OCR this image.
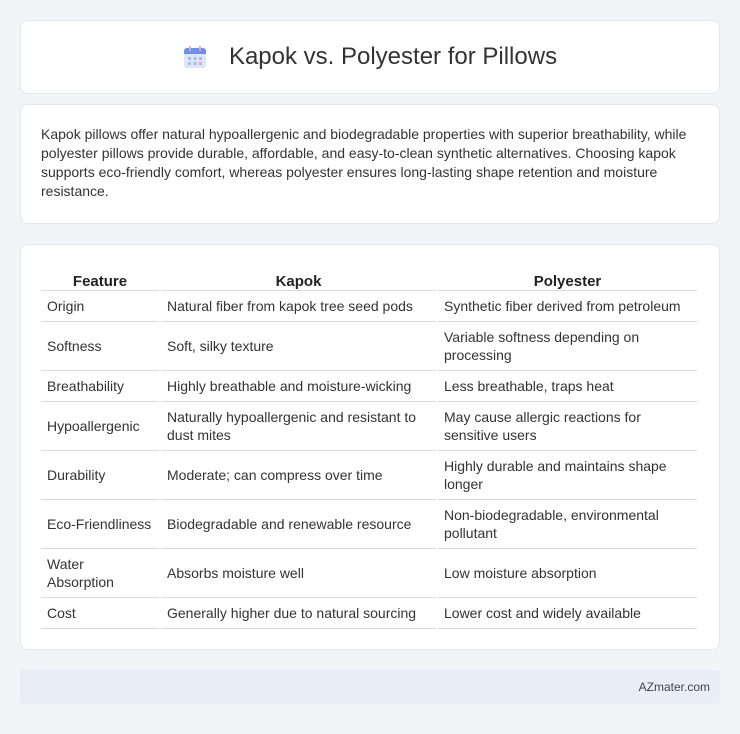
Kapok vs. Polyester for Pillows

Kapok pillows offer natural hypoallergenic and biodegradable properties with superior breathability, while polyester pillows provide durable, affordable, and easy-to-clean synthetic alternatives. Choosing kapok supports eco-friendly comfort, whereas polyester ensures long-lasting shape retention and moisture resistance.

Feature	Kapok	Polyester
Origin	Natural fiber from kapok tree seed pods	Synthetic fiber derived from petroleum
Softness	Soft, silky texture	Variable softness depending on processing
Breathability	Highly breathable and moisture-wicking	Less breathable, traps heat
Hypoallergenic	Naturally hypoallergenic and resistant to dust mites	May cause allergic reactions for sensitive users
Durability	Moderate; can compress over time	Highly durable and maintains shape longer
Eco-Friendliness	Biodegradable and renewable resource	Non-biodegradable, environmental pollutant
Water Absorption	Absorbs moisture well	Low moisture absorption
Cost	Generally higher due to natural sourcing	Lower cost and widely available
AZmater.com
